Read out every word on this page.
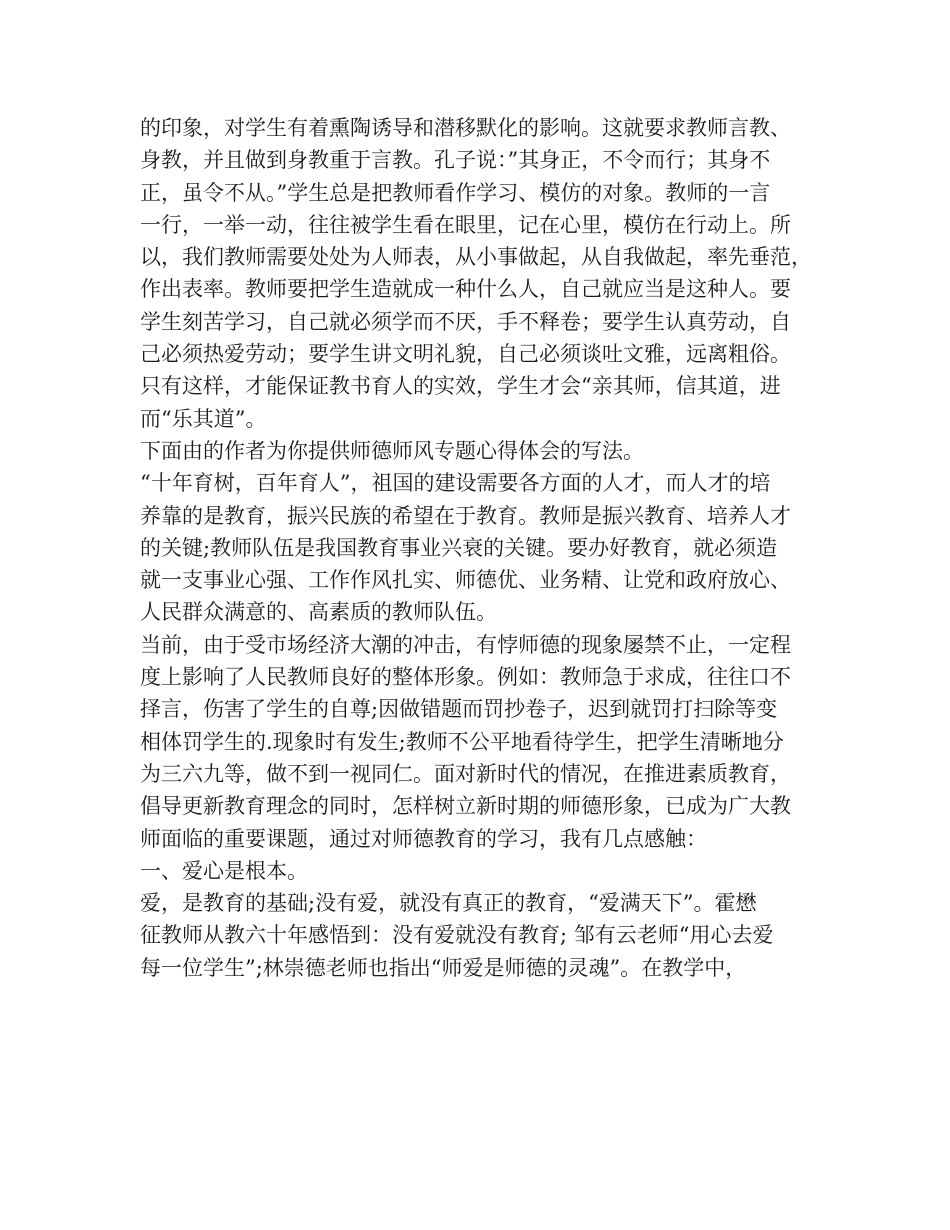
的印象，对学生有着熏陶诱导和潜移默化的影响。这就要求教师言教、
身教，并且做到身教重于言教。孔子说：”其身正，不令而行；其身不
正，虽令不从。”学生总是把教师看作学习、模仿的对象。教师的一言
一行，一举一动，往往被学生看在眼里，记在心里，模仿在行动上。所
以，我们教师需要处处为人师表，从小事做起，从自我做起，率先垂范，
作出表率。教师要把学生造就成一种什么人，自己就应当是这种人。要
学生刻苦学习，自己就必须学而不厌，手不释卷；要学生认真劳动，自
己必须热爱劳动；要学生讲文明礼貌，自己必须谈吐文雅，远离粗俗。
只有这样，才能保证教书育人的实效，学生才会“亲其师，信其道，进
而“乐其道”。
下面由的作者为你提供师德师风专题心得体会的写法。
“十年育树，百年育人”，祖国的建设需要各方面的人才，而人才的培
养靠的是教育，振兴民族的希望在于教育。教师是振兴教育、培养人才
的关键;教师队伍是我国教育事业兴衰的关键。要办好教育，就必须造
就一支事业心强、工作作风扎实、师德优、业务精、让党和政府放心、
人民群众满意的、高素质的教师队伍。
当前，由于受市场经济大潮的冲击，有悖师德的现象屡禁不止，一定程
度上影响了人民教师良好的整体形象。例如：教师急于求成，往往口不
择言，伤害了学生的自尊;因做错题而罚抄卷子，迟到就罚打扫除等变
相体罚学生的.现象时有发生;教师不公平地看待学生，把学生清晰地分
为三六九等，做不到一视同仁。面对新时代的情况，在推进素质教育，
倡导更新教育理念的同时，怎样树立新时期的师德形象，已成为广大教
师面临的重要课题，通过对师德教育的学习，我有几点感触：
一、爱心是根本。
爱，是教育的基础;没有爱，就没有真正的教育，“爱满天下”。霍懋
征教师从教六十年感悟到：没有爱就没有教育; 邹有云老师“用心去爱
每一位学生”;林崇德老师也指出“师爱是师德的灵魂”。在教学中，
